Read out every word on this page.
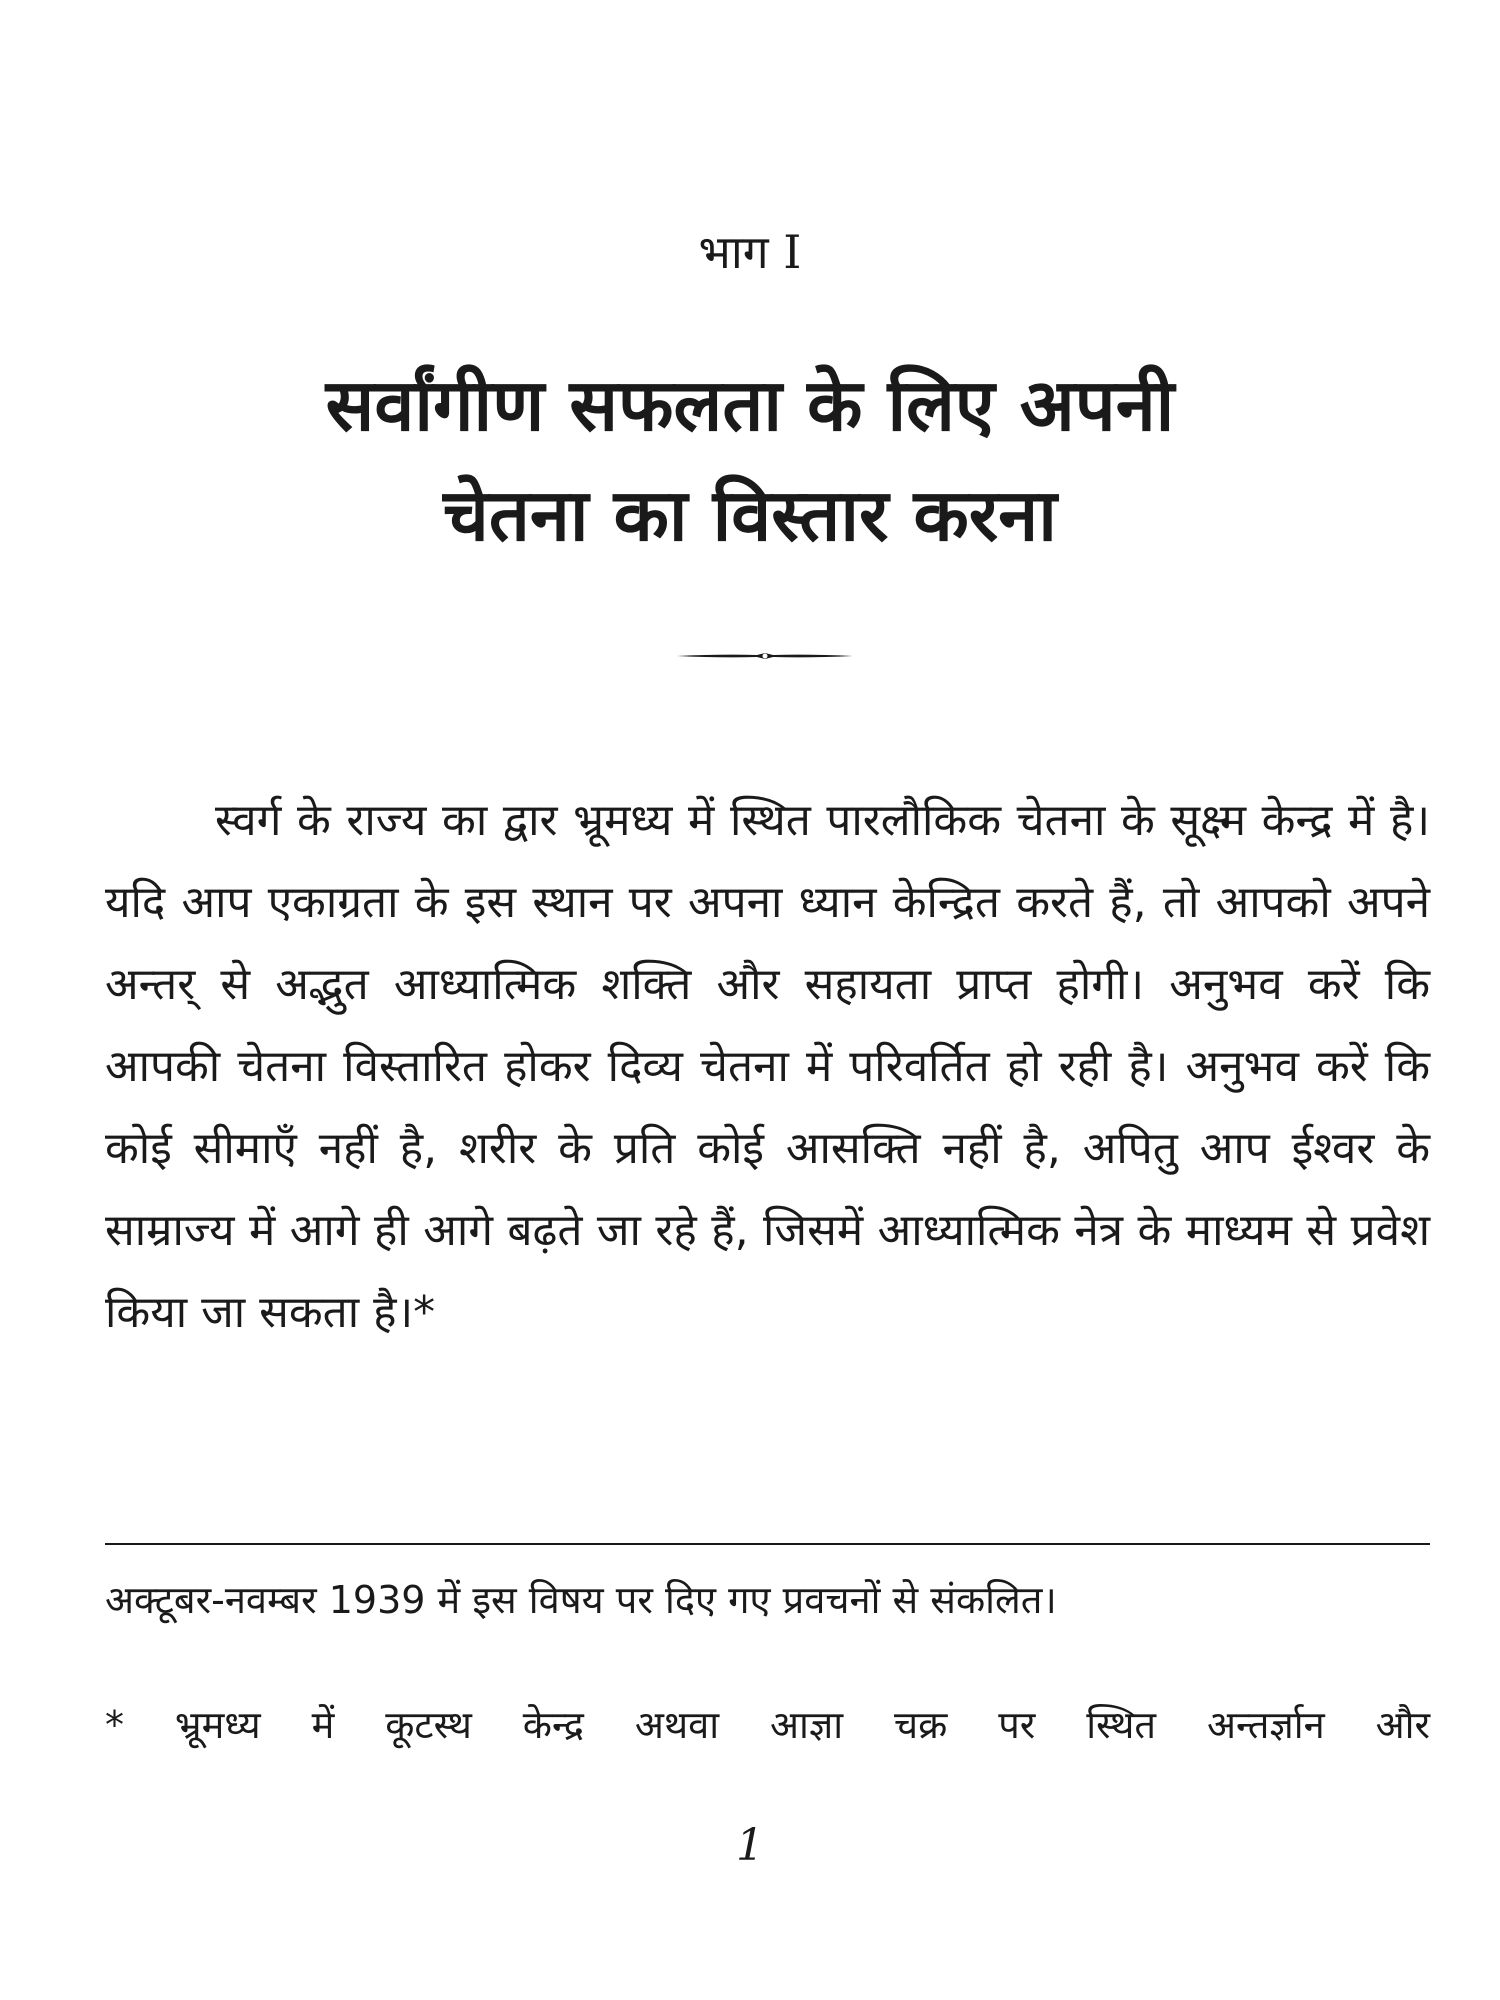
भाग I
सर्वांगीण सफलता के लिए अपनी
चेतना का विस्तार करना

स्वर्ग के राज्य का द्वार भ्रूमध्य में स्थित पारलौकिक चेतना के सूक्ष्म केन्द्र में है। यदि आप एकाग्रता के इस स्थान पर अपना ध्यान केन्द्रित करते हैं, तो आपको अपने अन्तर् से अद्भुत आध्यात्मिक शक्ति और सहायता प्राप्त होगी। अनुभव करें कि आपकी चेतना विस्तारित होकर दिव्य चेतना में परिवर्तित हो रही है। अनुभव करें कि कोई सीमाएँ नहीं है, शरीर के प्रति कोई आसक्ति नहीं है, अपितु आप ईश्वर के साम्राज्य में आगे ही आगे बढ़ते जा रहे हैं, जिसमें आध्यात्मिक नेत्र के माध्यम से प्रवेश किया जा सकता है।*

अक्टूबर-नवम्बर 1939 में इस विषय पर दिए गए प्रवचनों से संकलित।

* भ्रूमध्य में कूटस्थ केन्द्र अथवा आज्ञा चक्र पर स्थित अन्तर्ज्ञान और

1
